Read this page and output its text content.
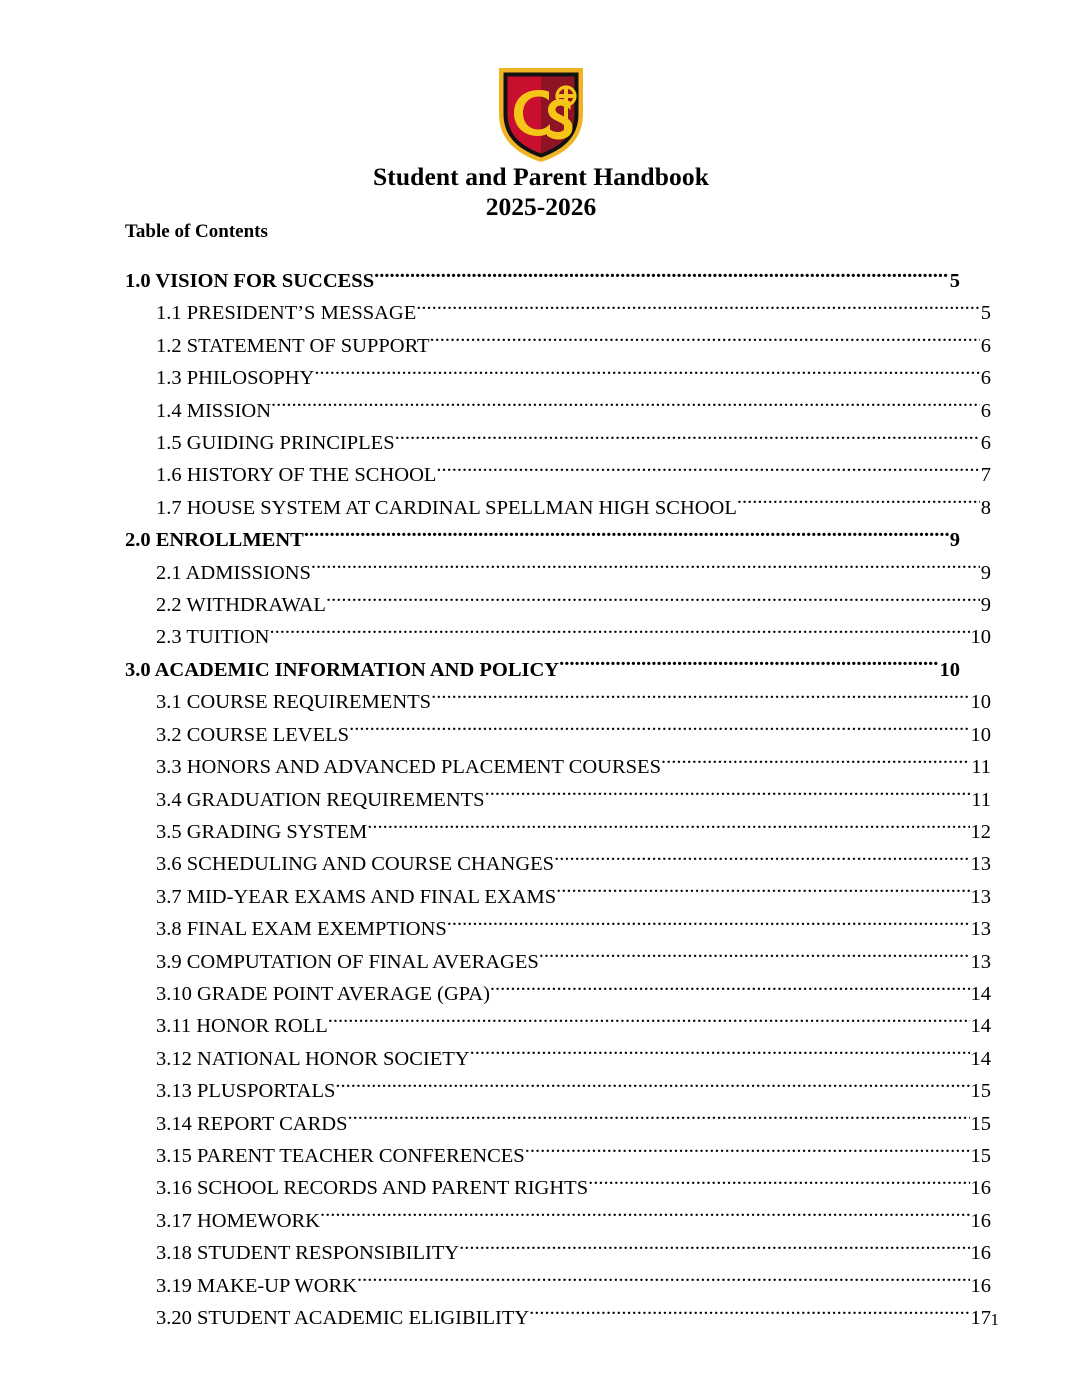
Student and Parent Handbook
2025-2026
Table of Contents
1.0 VISION FOR SUCCESS .....	5
1.1 PRESIDENT’S MESSAGE .....	5
1.2 STATEMENT OF SUPPORT .....	6
1.3 PHILOSOPHY .....	6
1.4 MISSION .....	6
1.5 GUIDING PRINCIPLES .....	6
1.6 HISTORY OF THE SCHOOL .....	7
1.7 HOUSE SYSTEM AT CARDINAL SPELLMAN HIGH SCHOOL .....	8
2.0 ENROLLMENT .....	9
2.1 ADMISSIONS .....	9
2.2 WITHDRAWAL .....	9
2.3 TUITION .....	10
3.0 ACADEMIC INFORMATION AND POLICY .....	10
3.1 COURSE REQUIREMENTS .....	10
3.2 COURSE LEVELS .....	10
3.3 HONORS AND ADVANCED PLACEMENT COURSES .....	11
3.4 GRADUATION REQUIREMENTS .....	11
3.5 GRADING SYSTEM .....	12
3.6 SCHEDULING AND COURSE CHANGES .....	13
3.7 MID-YEAR EXAMS AND FINAL EXAMS .....	13
3.8 FINAL EXAM EXEMPTIONS .....	13
3.9 COMPUTATION OF FINAL AVERAGES .....	13
3.10 GRADE POINT AVERAGE (GPA) .....	14
3.11 HONOR ROLL .....	14
3.12 NATIONAL HONOR SOCIETY .....	14
3.13 PLUSPORTALS .....	15
3.14 REPORT CARDS .....	15
3.15 PARENT TEACHER CONFERENCES .....	15
3.16 SCHOOL RECORDS AND PARENT RIGHTS .....	16
3.17 HOMEWORK .....	16
3.18 STUDENT RESPONSIBILITY .....	16
3.19 MAKE-UP WORK .....	16
3.20 STUDENT ACADEMIC ELIGIBILITY .....	17 1
